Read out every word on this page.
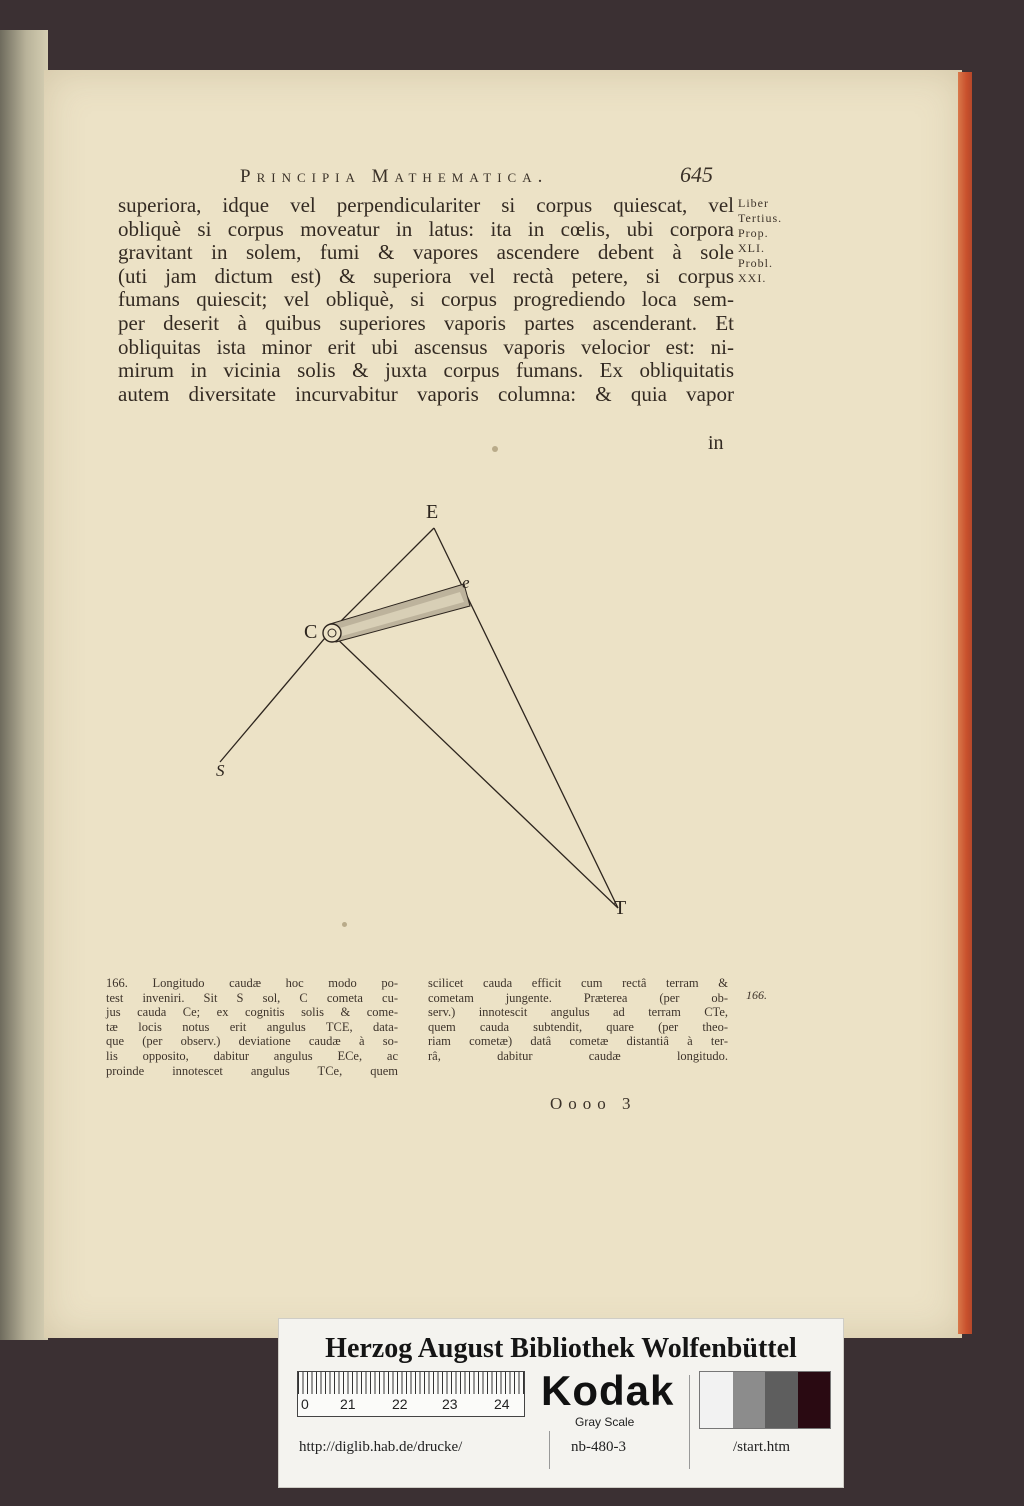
Principia Mathematica.	645
superiora, idque vel perpendiculariter si corpus quiescat, vel
obliquè si corpus moveatur in latus: ita in cœlis, ubi corpora
gravitant in solem, fumi & vapores ascendere debent à sole
(uti jam dictum est) & superiora vel rectà petere, si corpus
fumans quiescit; vel obliquè, si corpus progrediendo loca sem-
per deserit à quibus superiores vaporis partes ascenderant. Et
obliquitas ista minor erit ubi ascensus vaporis velocior est: ni-
mirum in vicinia solis & juxta corpus fumans. Ex obliquitatis
autem diversitate incurvabitur vaporis columna: & quia vapor
in
Liber
Tertius.
Prop.
XLI.
Probl.
XXI.
E
e
C
S
T
166. Longitudo caudæ hoc modo po-
test inveniri. Sit S sol, C cometa cu-
jus cauda Ce; ex cognitis solis & come-
tæ locis notus erit angulus TCE, data-
que (per observ.) deviatione caudæ à so-
lis opposito, dabitur angulus ECe, ac
proinde innotescet angulus TCe, quem
scilicet cauda efficit cum rectâ terram &
cometam jungente. Præterea (per ob-
serv.) innotescit angulus ad terram CTe,
quem cauda subtendit, quare (per theo-
riam cometæ) datâ cometæ distantiâ à ter-
râ, dabitur caudæ longitudo.
166.
Oooo 3
Herzog August Bibliothek Wolfenbüttel
0 21	22 23	24 Kodak
Gray Scale
http://diglib.hab.de/drucke/	nb-480-3	/start.htm
